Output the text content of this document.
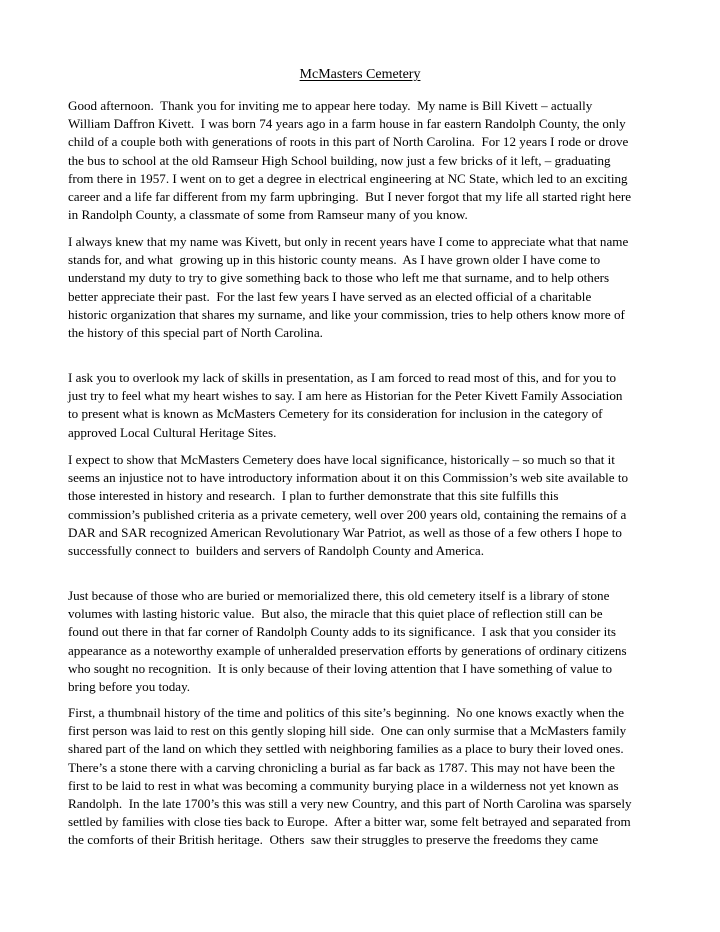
McMasters Cemetery
Good afternoon.  Thank you for inviting me to appear here today.  My name is Bill Kivett – actually
William Daffron Kivett.  I was born 74 years ago in a farm house in far eastern Randolph County, the only
child of a couple both with generations of roots in this part of North Carolina.  For 12 years I rode or drove
the bus to school at the old Ramseur High School building, now just a few bricks of it left, – graduating
from there in 1957. I went on to get a degree in electrical engineering at NC State, which led to an exciting
career and a life far different from my farm upbringing.  But I never forgot that my life all started right here
in Randolph County, a classmate of some from Ramseur many of you know.
I always knew that my name was Kivett, but only in recent years have I come to appreciate what that name
stands for, and what  growing up in this historic county means.  As I have grown older I have come to
understand my duty to try to give something back to those who left me that surname, and to help others
better appreciate their past.  For the last few years I have served as an elected official of a charitable
historic organization that shares my surname, and like your commission, tries to help others know more of
the history of this special part of North Carolina.
I ask you to overlook my lack of skills in presentation, as I am forced to read most of this, and for you to
just try to feel what my heart wishes to say. I am here as Historian for the Peter Kivett Family Association
to present what is known as McMasters Cemetery for its consideration for inclusion in the category of
approved Local Cultural Heritage Sites.
I expect to show that McMasters Cemetery does have local significance, historically – so much so that it
seems an injustice not to have introductory information about it on this Commission’s web site available to
those interested in history and research.  I plan to further demonstrate that this site fulfills this
commission’s published criteria as a private cemetery, well over 200 years old, containing the remains of a
DAR and SAR recognized American Revolutionary War Patriot, as well as those of a few others I hope to
successfully connect to  builders and servers of Randolph County and America.
Just because of those who are buried or memorialized there, this old cemetery itself is a library of stone
volumes with lasting historic value.  But also, the miracle that this quiet place of reflection still can be
found out there in that far corner of Randolph County adds to its significance.  I ask that you consider its
appearance as a noteworthy example of unheralded preservation efforts by generations of ordinary citizens
who sought no recognition.  It is only because of their loving attention that I have something of value to
bring before you today.
First, a thumbnail history of the time and politics of this site’s beginning.  No one knows exactly when the
first person was laid to rest on this gently sloping hill side.  One can only surmise that a McMasters family
shared part of the land on which they settled with neighboring families as a place to bury their loved ones.
There’s a stone there with a carving chronicling a burial as far back as 1787. This may not have been the
first to be laid to rest in what was becoming a community burying place in a wilderness not yet known as
Randolph.  In the late 1700’s this was still a very new Country, and this part of North Carolina was sparsely
settled by families with close ties back to Europe.  After a bitter war, some felt betrayed and separated from
the comforts of their British heritage.  Others  saw their struggles to preserve the freedoms they came
